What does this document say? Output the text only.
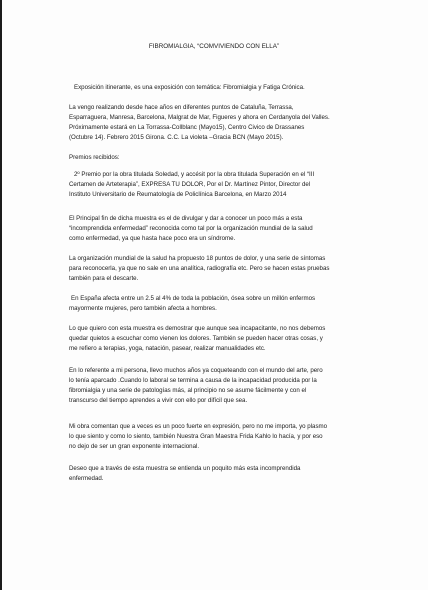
FIBROMIALGIA, “COMVIVIENDO CON ELLA”

Exposición itinerante, es una exposición con temática: Fibromialgia y Fatiga Crónica.

La vengo realizando desde hace años en diferentes puntos de Cataluña, Terrassa,

Esparraguera, Manresa, Barcelona, Malgrat de Mar, Figueres y ahora en Cerdanyola del Valles.

Próximamente estará en La Torrassa-Collblanc (Mayo15), Centro Civico de Drassanes

(Octubre 14). Febrero 2015 Girona. C.C. La violeta –Gracia BCN (Mayo 2015).

Premios recibidos:

2º Premio por la obra titulada Soledad, y accésit por la obra titulada Superación en el “III

Certamen de Arteterapia”, EXPRESA TU DOLOR, Por el Dr. Martínez Pintor, Director del

Instituto Universitario de Reumatología de Policlínica Barcelona, en Marzo 2014

El Principal fin de dicha muestra es el de divulgar y dar a conocer un poco más a esta

“incomprendida enfermedad” reconocida como tal por la organización mundial de la salud

como enfermedad, ya que hasta hace poco era un síndrome.

La organización mundial de la salud ha propuesto 18 puntos de dolor, y una serie de síntomas

para reconocerla, ya que no sale en una analítica, radiografía etc. Pero se hacen estas pruebas

también para el descarte.

En España afecta entre un 2.5 al 4% de toda la población, ósea sobre un millón enfermos

mayormente mujeres, pero también afecta a hombres.

Lo que quiero con esta muestra es demostrar que aunque sea incapacitante, no nos debemos

quedar quietos a escuchar como vienen los dolores. También se pueden hacer otras cosas, y

me refiero a terapias, yoga, natación, pasear, realizar manualidades etc.

En lo referente a mi persona, llevo muchos años ya coqueteando con el mundo del arte, pero

lo tenía aparcado .Cuando lo laboral se termina a causa de la incapacidad producida por la

fibromialgia y una serie de patologías más, al principio no se asume fácilmente y con el

transcurso del tiempo aprendes a vivir con ello por difícil que sea.

Mi obra comentan que a veces es un poco fuerte en expresión, pero no me importa, yo plasmo

lo que siento y como lo siento, también Nuestra Gran Maestra Frida Kahlo lo hacía, y por eso

no dejo de ser un gran exponente internacional.

Deseo que a través de esta muestra se entienda un poquito más esta incomprendida

enfermedad.
